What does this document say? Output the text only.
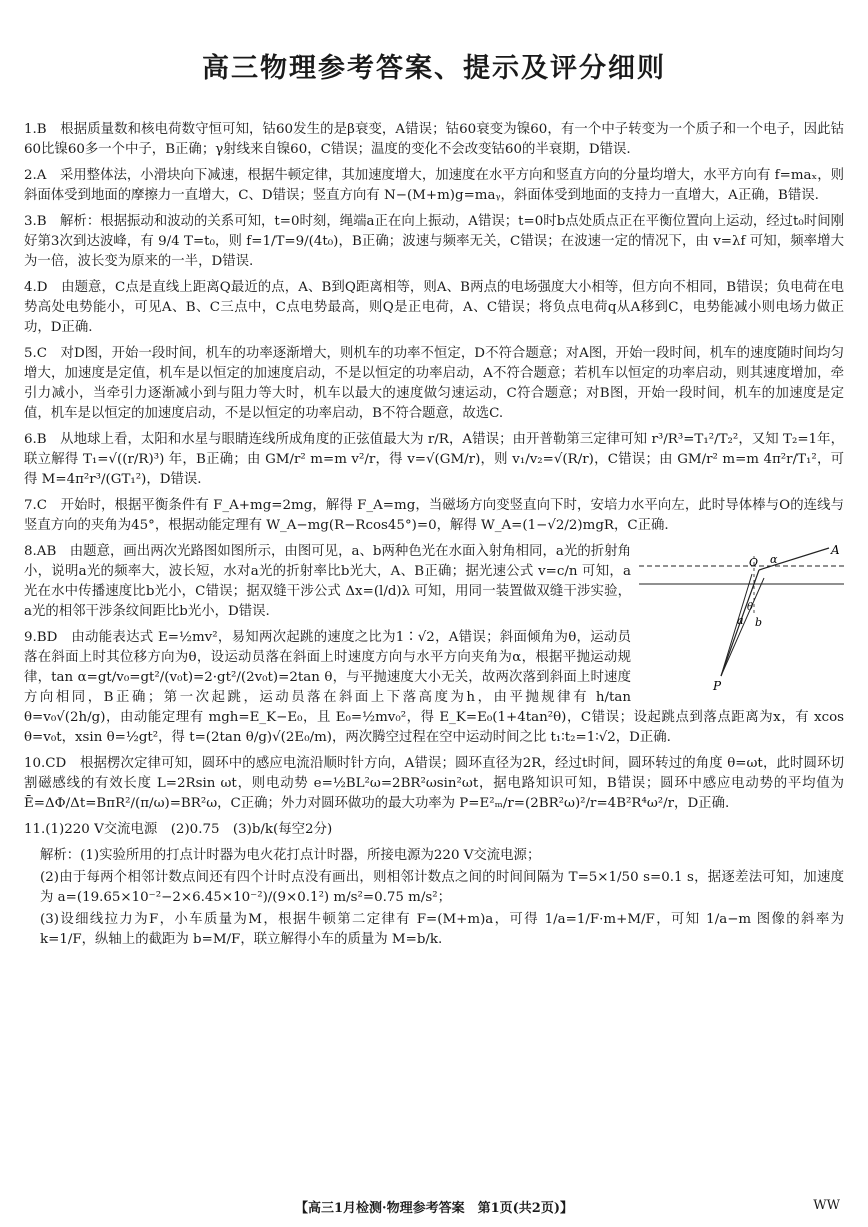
高三物理参考答案、提示及评分细则
1.B　 根据质量数和核电荷数守恒可知，钴60发生的是β衰变，A错误；钴60衰变为镍60，有一个中子转变为一个质子和一个电子，因此钴60比镍60多一个中子，B正确；γ射线来自镍60，C错误；温度的变化不会改变钴60的半衰期，D错误.
2.A　 采用整体法，小滑块向下减速，根据牛顿定律，其加速度增大，加速度在水平方向和竖直方向的分量均增大，水平方向有 f=maₓ，则斜面体受到地面的摩擦力一直增大，C、D错误；竖直方向有 N−(M+m)g=maᵧ，斜面体受到地面的支持力一直增大，A正确，B错误.
3.B　 解析：根据振动和波动的关系可知，t=0时刻，绳端a正在向上振动，A错误；t=0时b点处质点正在平衡位置向上运动，经过t₀时间刚好第3次到达波峰，有 9/4 T=t₀，则 f=1/T=9/(4t₀)，B正确；波速与频率无关，C错误；在波速一定的情况下，由 v=λf 可知，频率增大为一倍，波长变为原来的一半，D错误.
4.D　 由题意，C点是直线上距离Q最近的点，A、B到Q距离相等，则A、B两点的电场强度大小相等，但方向不相同，B错误；负电荷在电势高处电势能小，可见A、B、C三点中，C点电势最高，则Q是正电荷，A、C错误；将负点电荷q从A移到C，电势能减小则电场力做正功，D正确.
5.C　 对D图，开始一段时间，机车的功率逐渐增大，则机车的功率不恒定，D不符合题意；对A图，开始一段时间，机车的速度随时间均匀增大，加速度是定值，机车是以恒定的加速度启动，不是以恒定的功率启动，A不符合题意；若机车以恒定的功率启动，则其速度增加，牵引力减小，当牵引力逐渐减小到与阻力等大时，机车以最大的速度做匀速运动，C符合题意；对B图，开始一段时间，机车的加速度是定值，机车是以恒定的加速度启动，不是以恒定的功率启动，B不符合题意，故选C.
6.B　 从地球上看，太阳和水星与眼睛连线所成角度的正弦值最大为 r/R，A错误；由开普勒第三定律可知 r³/R³=T₁²/T₂²，又知 T₂=1年，联立解得 T₁=√((r/R)³) 年，B正确；由 GM/r² m=m v²/r，得 v=√(GM/r)，则 v₁/v₂=√(R/r)，C错误；由 GM/r² m=m 4π²r/T₁²，可得 M=4π²r³/(GT₁²)，D错误.
7.C　 开始时，根据平衡条件有 F_A+mg=2mg，解得 F_A=mg，当磁场方向变竖直向下时，安培力水平向左，此时导体棒与O的连线与竖直方向的夹角为45°，根据动能定理有 W_A−mg(R−Rcos45°)=0，解得 W_A=(1−√2/2)mgR，C正确.
A
O α
a b
θ
P
8.AB　 由题意，画出两次光路图如图所示，由图可见，a、b两种色光在水面入射角相同，a光的折射角小，说明a光的频率大，波长短，水对a光的折射率比b光大，A、B正确；据光速公式 v=c/n 可知，a光在水中传播速度比b光小，C错误；据双缝干涉公式 Δx=(l/d)λ 可知，用同一装置做双缝干涉实验，a光的相邻干涉条纹间距比b光小，D错误.
9.BD　 由动能表达式 E=½mv²，易知两次起跳的速度之比为1∶√2，A错误；斜面倾角为θ，运动员落在斜面上时其位移方向为θ，设运动员落在斜面上时速度方向与水平方向夹角为α，根据平抛运动规律，tan α=gt/v₀=gt²/(v₀t)=2·gt²/(2v₀t)=2tan θ，与平抛速度大小无关，故两次落到斜面上时速度方向相同，B正确；第一次起跳，运动员落在斜面上下落高度为h，由平抛规律有 h/tan θ=v₀√(2h/g)，由动能定理有 mgh=E_K−E₀，且 E₀=½mv₀²，得 E_K=E₀(1+4tan²θ)，C错误；设起跳点到落点距离为x，有 xcos θ=v₀t，xsin θ=½gt²，得 t=(2tan θ/g)√(2E₀/m)，两次腾空过程在空中运动时间之比 t₁∶t₂=1∶√2，D正确.
10.CD　 根据楞次定律可知，圆环中的感应电流沿顺时针方向，A错误；圆环直径为2R，经过t时间，圆环转过的角度 θ=ωt，此时圆环切割磁感线的有效长度 L=2Rsin ωt，则电动势 e=½BL²ω=2BR²ωsin²ωt，据电路知识可知，B错误；圆环中感应电动势的平均值为 Ē=ΔΦ/Δt=BπR²/(π/ω)=BR²ω，C正确；外力对圆环做功的最大功率为 P=E²ₘ/r=(2BR²ω)²/r=4B²R⁴ω²/r，D正确.
11.(1)220 V交流电源　(2)0.75　(3)b/k(每空2分)
解析：(1)实验所用的打点计时器为电火花打点计时器，所接电源为220 V交流电源；
(2)由于每两个相邻计数点间还有四个计时点没有画出，则相邻计数点之间的时间间隔为 T=5×1/50 s=0.1 s，据逐差法可知，加速度为 a=(19.65×10⁻²−2×6.45×10⁻²)/(9×0.1²) m/s²=0.75 m/s²；
(3)设细线拉力为F，小车质量为M，根据牛顿第二定律有 F=(M+m)a，可得 1/a=1/F·m+M/F，可知 1/a−m 图像的斜率为 k=1/F，纵轴上的截距为 b=M/F，联立解得小车的质量为 M=b/k.
【高三1月检测·物理参考答案　第1页(共2页)】	WW
